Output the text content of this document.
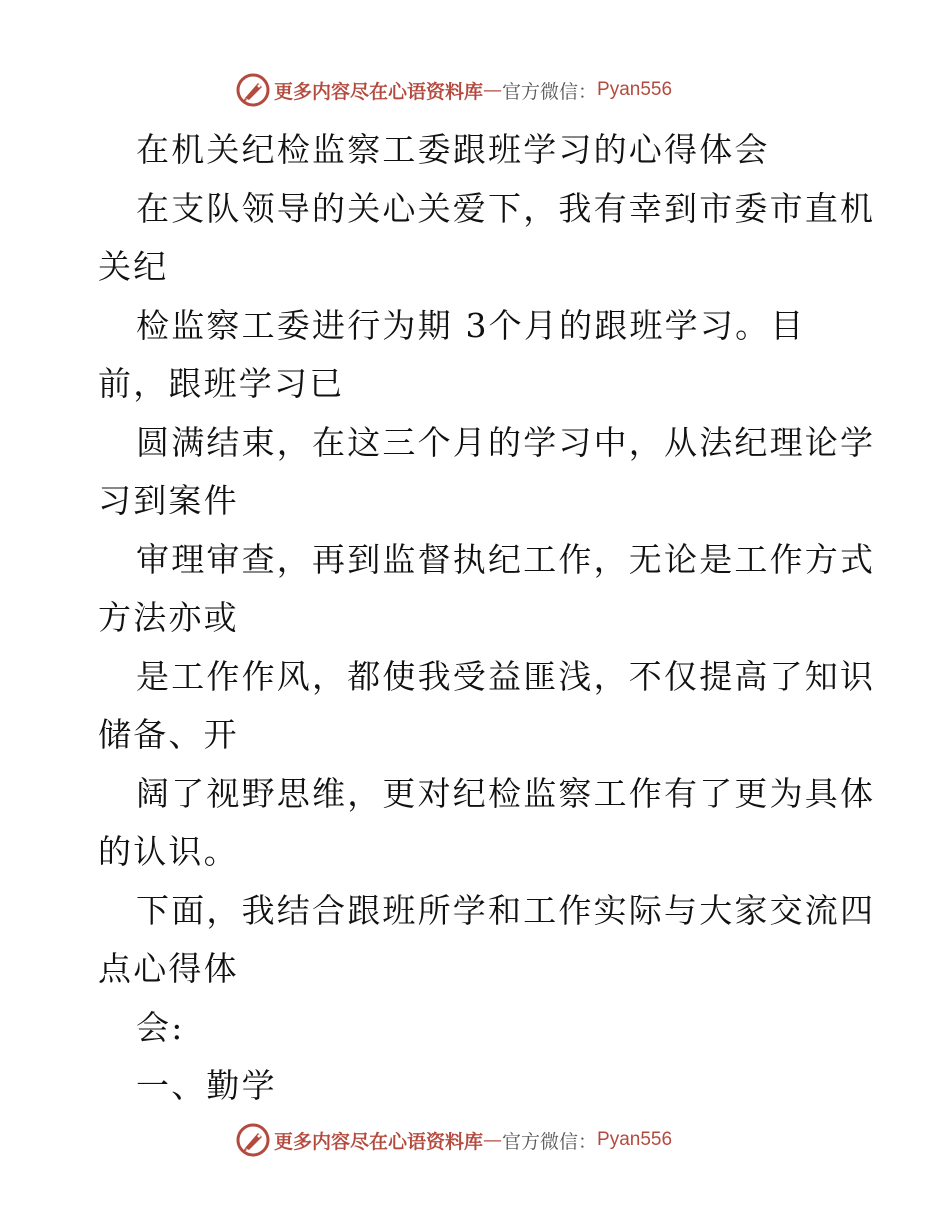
更多内容尽在心语资料库 — 官方微信： Pyan556
在机关纪检监察工委跟班学习的心得体会
在支队领导的关心关爱下，我有幸到市委市直机
关纪
检监察工委进行为期 3个月的跟班学习。目
前，跟班学习已
圆满结束，在这三个月的学习中，从法纪理论学
习到案件
审理审查，再到监督执纪工作，无论是工作方式
方法亦或
是工作作风，都使我受益匪浅，不仅提高了知识
储备、开
阔了视野思维，更对纪检监察工作有了更为具体
的认识。
下面，我结合跟班所学和工作实际与大家交流四
点心得体
会:
一、勤学
更多内容尽在心语资料库 — 官方微信： Pyan556
